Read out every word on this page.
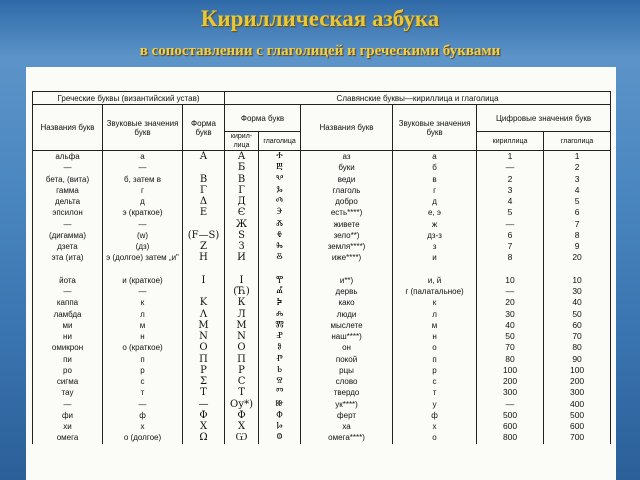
Кириллическая азбука
в сопоставлении с глаголицей и греческими буквами
Греческие буквы (византийский устав)			Славянские буквы—кириллица и глаголица					
Названия букв	Звуковые значения букв	Форма букв	Форма букв		Названия букв	Звуковые значения букв	Цифровые значения букв	
			кирил-лица	глаголица			кириллица	глаголица
альфа	а	Α	А	Ⰰ	аз	а	1	1
—	—		Б	Ⰱ	буки	б	—	2
бета, (вита)	б, затем в	Β	В	Ⰲ	веди	в	2	3
гамма	г	Γ	Г	Ⰳ	глаголь	г	3	4
дельта	д	Δ	Д	Ⰴ	добро	д	4	5
эпсилон	э (краткое)	Ε	Є	Ⰵ	есть****)	е, э	5	6
—	—		Ж	Ⰶ	живете	ж	—	7
(дигамма)	(w)	(F—S)	Ѕ	Ⰷ	зело**)	дз-з	6	8
дзета	(дз)	Ζ	З	Ⰸ	земля****)	з	7	9
эта (ита)	э (долгое) затем „и"	Η	И	Ⰻ	иже****)	и	8	20

йота	и (краткое)	Ι	І	Ⰹ	и**)	и, й	10	10
—	—		(Ћ)	Ⰼ	дервь	г (палатальное)	—	30
каппа	к	Κ	К	Ⰽ	како	к	20	40
ламбда	л	Λ	Л	Ⰾ	люди	л	30	50
ми	м	Μ	М	Ⰿ	мыслете	м	40	60
ни	н	Ν	N	Ⱀ	наш****)	н	50	70
омикрон	о (краткое)	Ο	О	Ⱁ	он	о	70	80
пи	п	Π	П	Ⱂ	покой	п	80	90
ро	р	Ρ	Р	Ⱃ	рцы	р	100	100
сигма	с	Σ	С	Ⱄ	слово	с	200	200
тау	т	Τ	Т	Ⱅ	твердо	т	300	300
—	—	—	Оу*)	Ⱆ	ук****)	у	—	400
фи	ф	Φ	Ф	Ⱇ	ферт	ф	500	500
хи	х	Χ	Х	Ⱈ	ха	х	600	600
омега	о (долгое)	Ω	Ѡ	Ⱉ	омега****)	о	800	700
